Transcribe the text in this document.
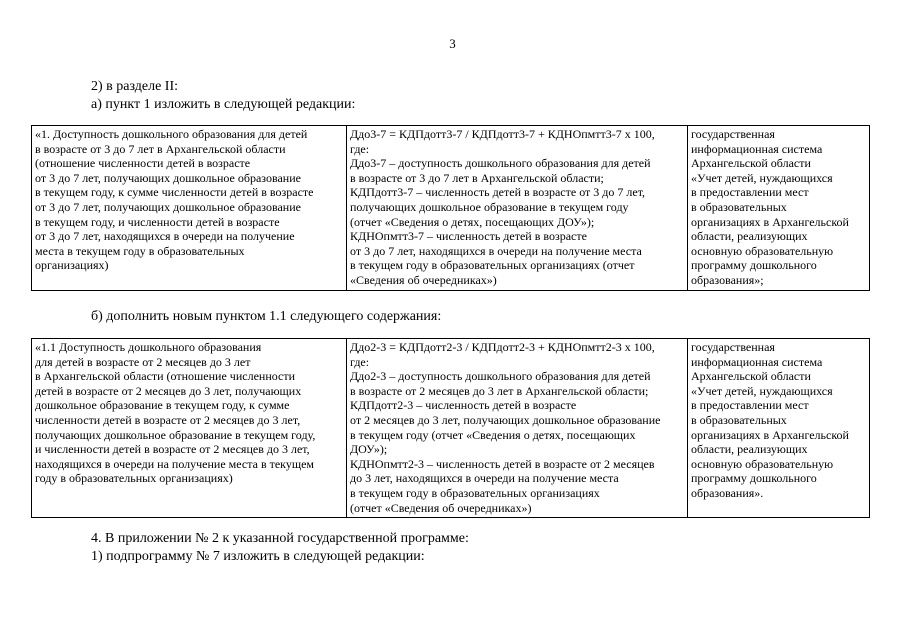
3
2) в разделе II:
а) пункт 1 изложить в следующей редакции:
«1. Доступность дошкольного образования для детей
в возрасте от 3 до 7 лет в Архангельской области
(отношение численности детей в возрасте
от 3 до 7 лет, получающих дошкольное образование
в текущем году, к сумме численности детей в возрасте
от 3 до 7 лет, получающих дошкольное образование
в текущем году, и численности детей в возрасте
от 3 до 7 лет, находящихся в очереди на получение
места в текущем году в образовательных
организациях)	Ддо3-7 = КДПдотт3-7 / КДПдотт3-7 + КДНОпмтт3-7 х 100,
где:
Ддо3-7 – доступность дошкольного образования для детей
в возрасте от 3 до 7 лет в Архангельской области;
КДПдотт3-7 – численность детей в возрасте от 3 до 7 лет,
получающих дошкольное образование в текущем году
(отчет «Сведения о детях, посещающих ДОУ»);
КДНОпмтт3-7 – численность детей в возрасте
от 3 до 7 лет, находящихся в очереди на получение места
в текущем году в образовательных организациях (отчет
«Сведения об очередниках»)	государственная
информационная система
Архангельской области
«Учет детей, нуждающихся
в предоставлении мест
в образовательных
организациях в Архангельской
области, реализующих
основную образовательную
программу дошкольного
образования»;
б) дополнить новым пунктом 1.1 следующего содержания:
«1.1 Доступность дошкольного образования
для детей в возрасте от 2 месяцев до 3 лет
в Архангельской области (отношение численности
детей в возрасте от 2 месяцев до 3 лет, получающих
дошкольное образование в текущем году, к сумме
численности детей в возрасте от 2 месяцев до 3 лет,
получающих дошкольное образование в текущем году,
и численности детей в возрасте от 2 месяцев до 3 лет,
находящихся в очереди на получение места в текущем
году в образовательных организациях)	Ддо2-3 = КДПдотт2-3 / КДПдотт2-3 + КДНОпмтт2-3 х 100,
где:
Ддо2-3 – доступность дошкольного образования для детей
в возрасте от 2 месяцев до 3 лет в Архангельской области;
КДПдотт2-3 – численность детей в возрасте
от 2 месяцев до 3 лет, получающих дошкольное образование
в текущем году (отчет «Сведения о детях, посещающих
ДОУ»);
КДНОпмтт2-3 – численность детей в возрасте от 2 месяцев
до 3 лет, находящихся в очереди на получение места
в текущем году в образовательных организациях
(отчет «Сведения об очередниках»)	государственная
информационная система
Архангельской области
«Учет детей, нуждающихся
в предоставлении мест
в образовательных
организациях в Архангельской
области, реализующих
основную образовательную
программу дошкольного
образования».
4. В приложении № 2 к указанной государственной программе:
1) подпрограмму № 7 изложить в следующей редакции:
